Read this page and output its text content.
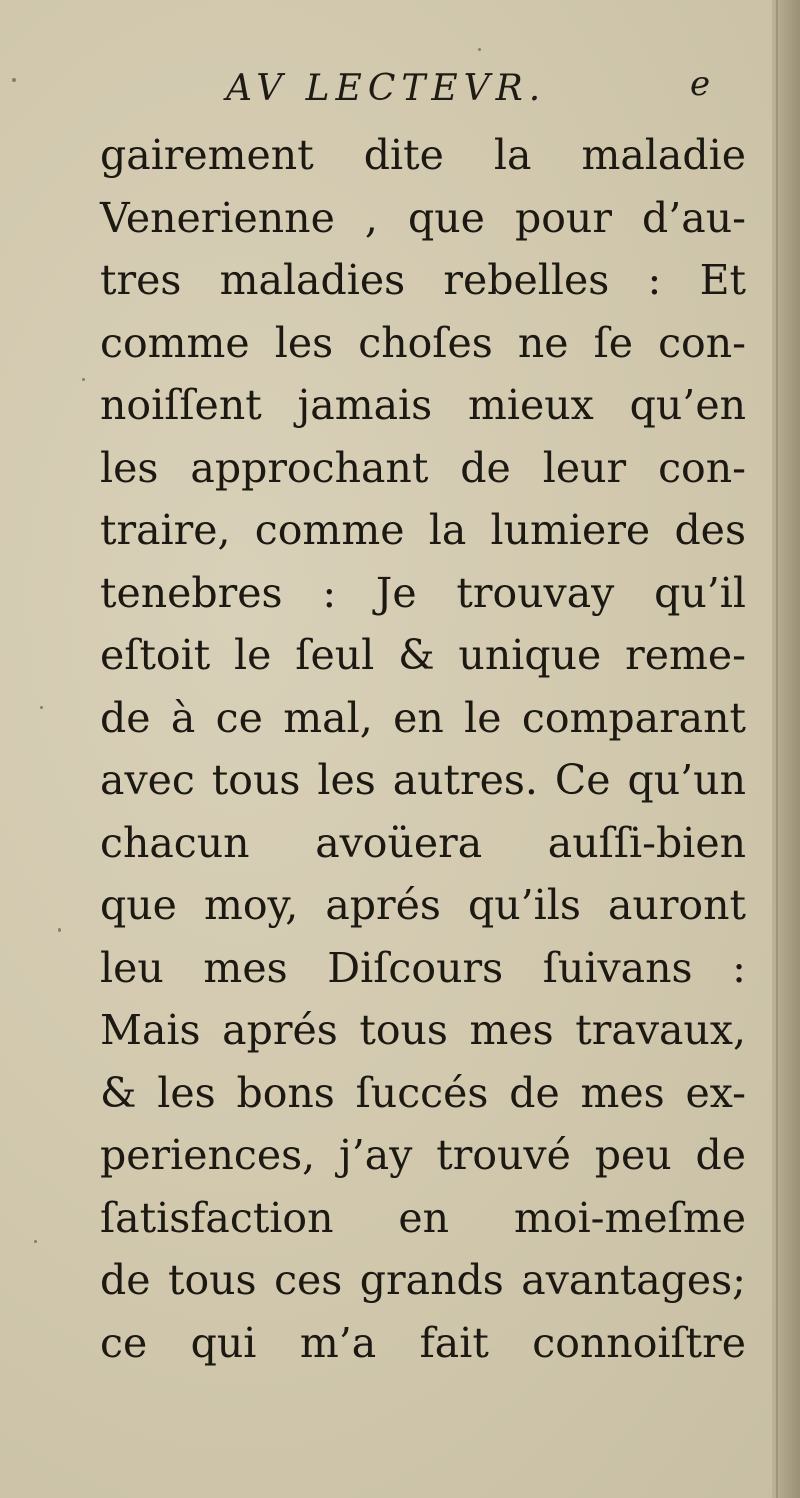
AV LECTEVR.	e
gairement dite la maladie
Venerienne , que pour d’au-
tres maladies rebelles : Et
comme les choſes ne ſe con-
noiſſent jamais mieux qu’en
les approchant de leur con-
traire, comme la lumiere des
tenebres : Je trouvay qu’il
eſtoit le ſeul & unique reme-
de à ce mal, en le comparant
avec tous les autres. Ce qu’un
chacun avoüera auſſi-bien
que moy, aprés qu’ils auront
leu mes Diſcours ſuivans :
Mais aprés tous mes travaux,
& les bons ſuccés de mes ex-
periences, j’ay trouvé peu de
ſatisfaction en moi-meſme
de tous ces grands avantages;
ce qui m’a fait connoiſtre
